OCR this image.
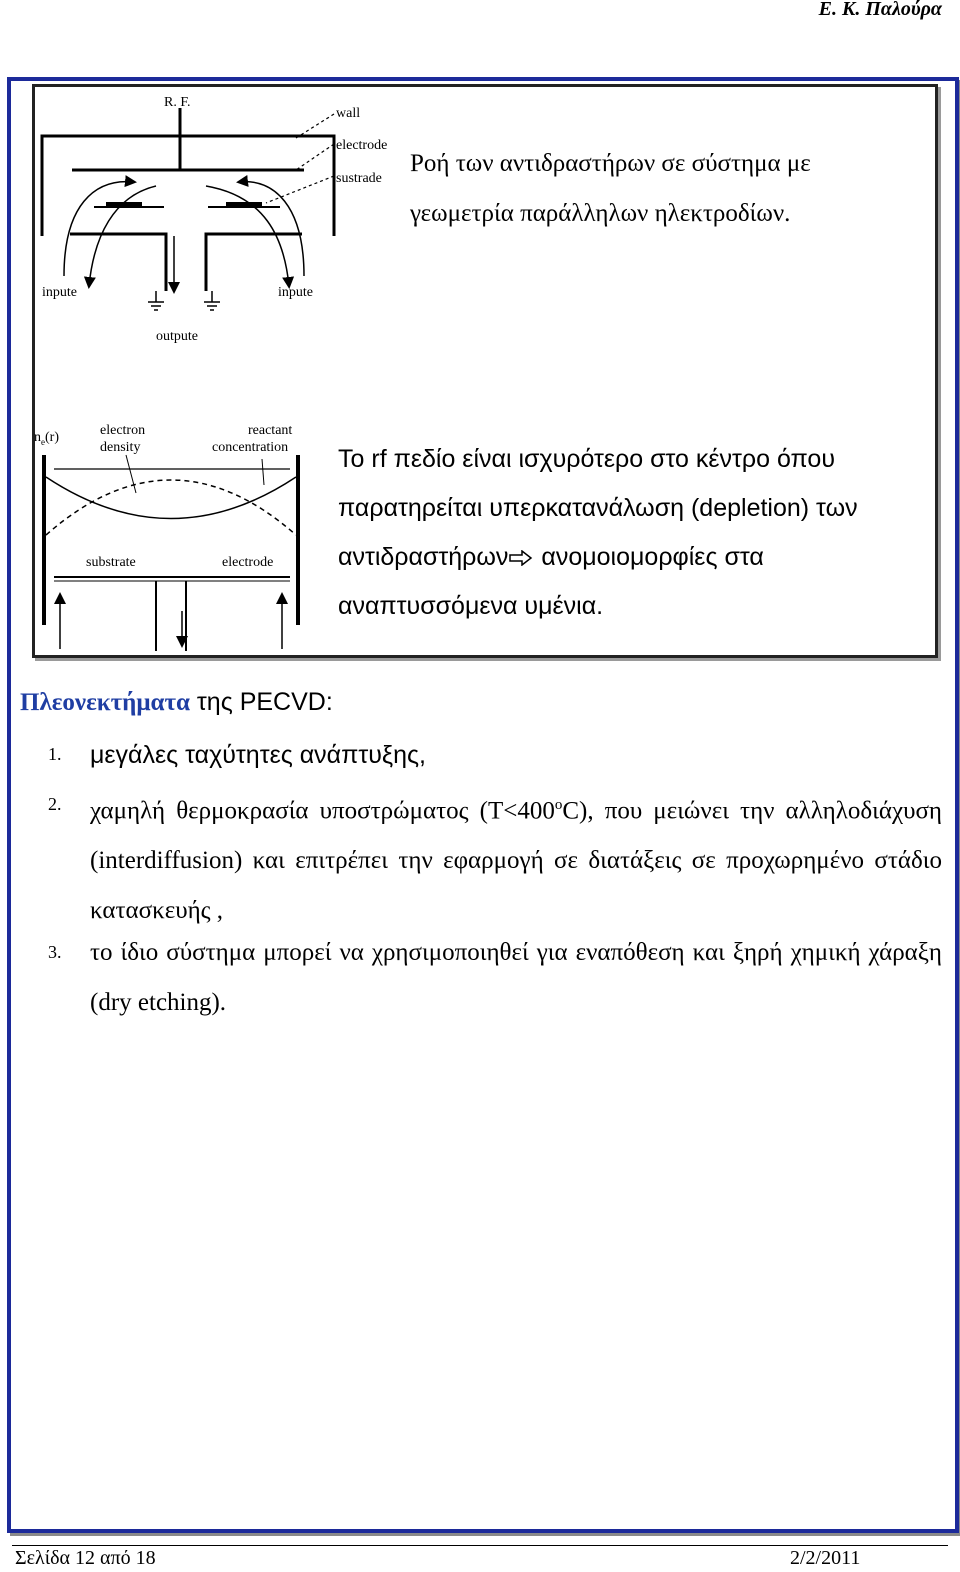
Ε. Κ. Παλούρα
R. F.
wall
electrode
sustrade
inpute	inpute
outpute
Ροή των αντιδραστήρων σε σύστημα με
γεωμετρία παράλληλων ηλεκτροδίων.
$n_e(r)$	electron
density
reactant
concentration
substrate	electrode
Το rf πεδίο είναι ισχυρότερο στο κέντρο όπου
παρατηρείται υπερκατανάλωση (depletion) των
αντιδραστήρων ανομοιομορφίες στα
αναπτυσσόμενα υμένια.
Πλεονεκτήματα της PECVD:
1. μεγάλες ταχύτητες ανάπτυξης,
2. χαμηλή θερμοκρασία υποστρώματος $(T<400^oC)$, που μειώνει την αλληλοδιάχυση (interdiffusion) και επιτρέπει την εφαρμογή σε διατάξεις σε προχωρημένο στάδιο κατασκευής ,
3. το ίδιο σύστημα μπορεί να χρησιμοποιηθεί για εναπόθεση και ξηρή χημική χάραξη (dry etching).
Σελίδα 12 από 18	2/2/2011
